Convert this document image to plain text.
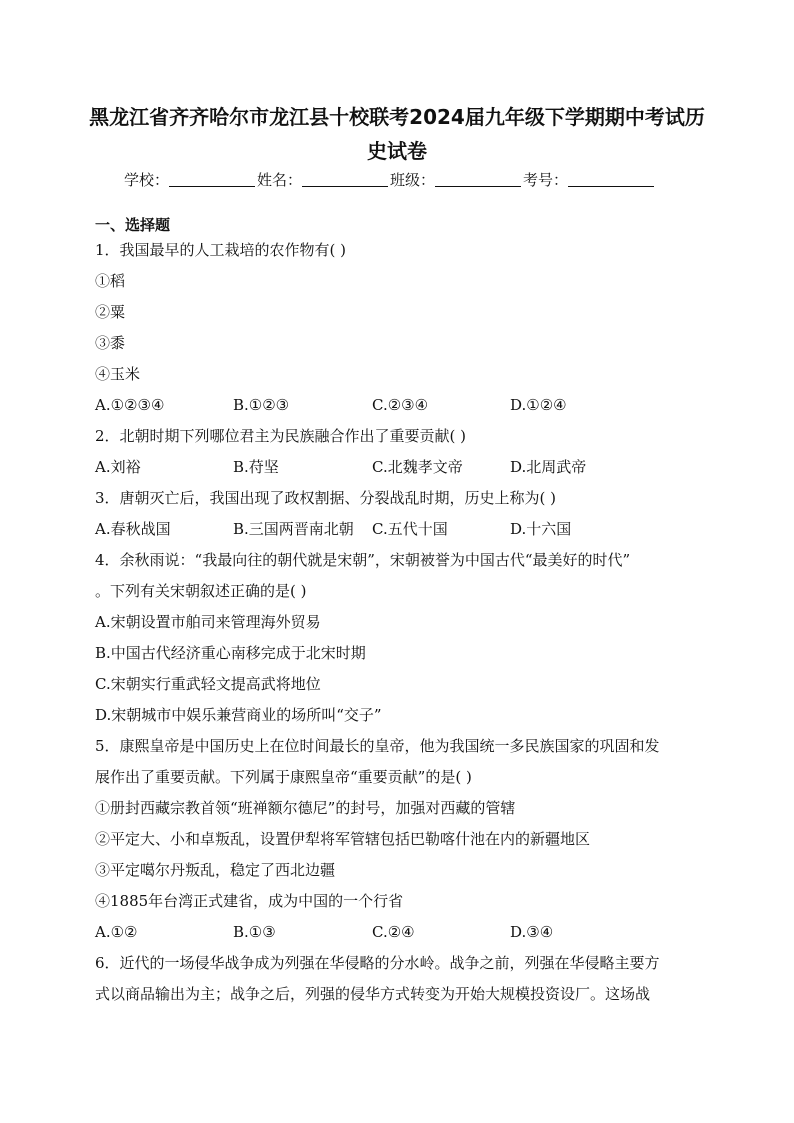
黑龙江省齐齐哈尔市龙江县十校联考2024届九年级下学期期中考试历
史试卷
学校：	姓名：	班级：	考号：
一、选择题
1．我国最早的人工栽培的农作物有( )
①稻
②粟
③黍
④玉米
A.①②③④	B.①②③	C.②③④	D.①②④
2．北朝时期下列哪位君主为民族融合作出了重要贡献( )
A.刘裕	B.苻坚	C.北魏孝文帝	D.北周武帝
3．唐朝灭亡后，我国出现了政权割据、分裂战乱时期，历史上称为( )
A.春秋战国	B.三国两晋南北朝 C.五代十国	D.十六国
4．余秋雨说：“我最向往的朝代就是宋朝”，宋朝被誉为中国古代“最美好的时代”
。下列有关宋朝叙述正确的是( )
A.宋朝设置市舶司来管理海外贸易
B.中国古代经济重心南移完成于北宋时期
C.宋朝实行重武轻文提高武将地位
D.宋朝城市中娱乐兼营商业的场所叫“交子”
5．康熙皇帝是中国历史上在位时间最长的皇帝，他为我国统一多民族国家的巩固和发
展作出了重要贡献。下列属于康熙皇帝“重要贡献”的是( )
①册封西藏宗教首领“班禅额尔德尼”的封号，加强对西藏的管辖
②平定大、小和卓叛乱，设置伊犁将军管辖包括巴勒喀什池在内的新疆地区
③平定噶尔丹叛乱，稳定了西北边疆
④1885年台湾正式建省，成为中国的一个行省
A.①②	B.①③	C.②④	D.③④
6．近代的一场侵华战争成为列强在华侵略的分水岭。战争之前，列强在华侵略主要方
式以商品输出为主；战争之后，列强的侵华方式转变为开始大规模投资设厂。这场战
